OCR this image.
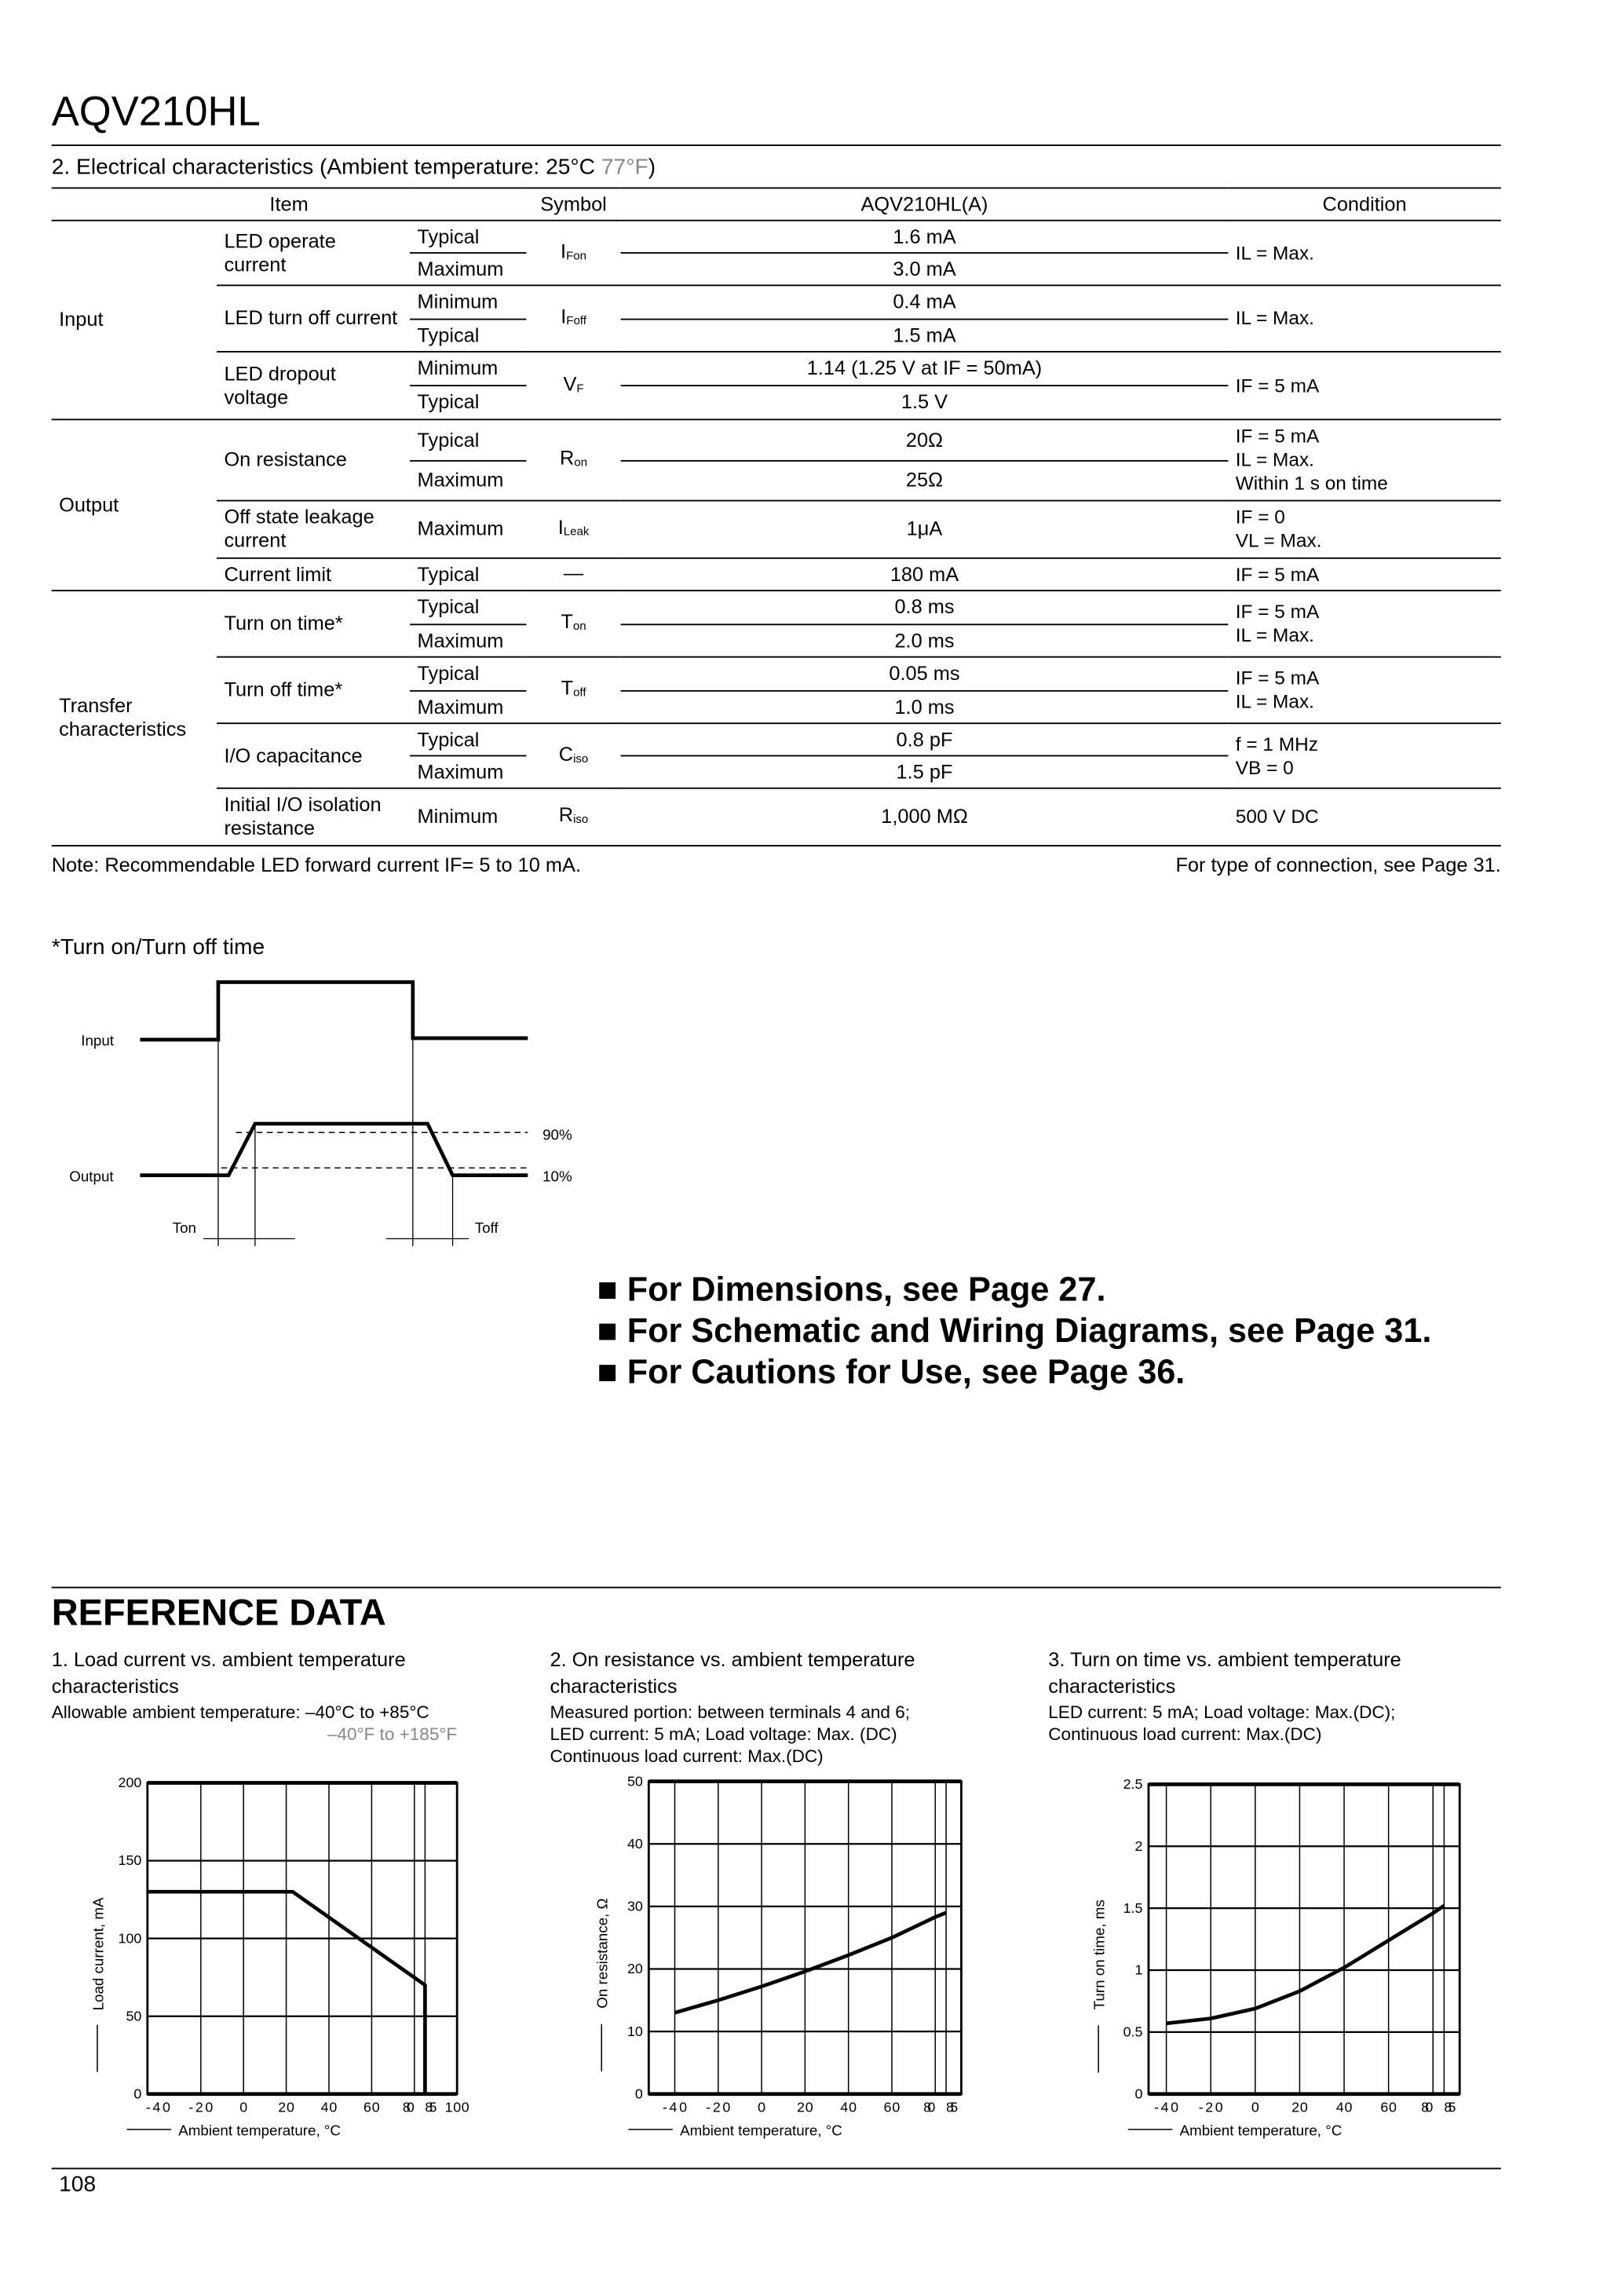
AQV210HL
2. Electrical characteristics (Ambient temperature: 25°C 77°F)
Item			Symbol	AQV210HL(A)	Condition
Input	LED operate current	Typical	$I_{Fon}$	1.6 mA	IL = Max.
		Maximum		3.0 mA	
	LED turn off current	Minimum	$I_{Foff}$	0.4 mA	IL = Max.
		Typical		1.5 mA	
	LED dropout voltage	Minimum	$V_F$	1.14 (1.25 V at IF = 50mA)	IF = 5 mA
		Typical		1.5 V	
Output	On resistance	Typical	$R_{on}$	20Ω	IF = 5 mA
IL = Max.
Within 1 s on time
		Maximum		25Ω	
	Off state leakage current	Maximum	$I_{Leak}$	1μA	IF = 0
VL = Max.
	Current limit	Typical	—	180 mA	IF = 5 mA
Transfer characteristics	Turn on time*	Typical	$T_{on}$	0.8 ms	IF = 5 mA
IL = Max.
		Maximum		2.0 ms	
	Turn off time*	Typical	$T_{off}$	0.05 ms	IF = 5 mA
IL = Max.
		Maximum		1.0 ms	
	I/O capacitance	Typical	$C_{iso}$	0.8 pF	f = 1 MHz
VB = 0
		Maximum		1.5 pF	
	Initial I/O isolation resistance	Minimum	$R_{iso}$	1,000 MΩ	500 V DC
Note: Recommendable LED forward current IF= 5 to 10 mA.	For type of connection, see Page 31.
*Turn on/Turn off time
Input
Output
90%
10%
Ton	Toff
■ For Dimensions, see Page 27.
■ For Schematic and Wiring Diagrams, see Page 31.
■ For Cautions for Use, see Page 36.
REFERENCE DATA
1. Load current vs. ambient temperature characteristics
Allowable ambient temperature: –40°C to +85°C
–40°F to +185°F
0
50
100
150
200
-40 -20	0	20	40	60	80 85 100
Ambient temperature, °C
Load current, mA
2. On resistance vs. ambient temperature characteristics
Measured portion: between terminals 4 and 6;
LED current: 5 mA; Load voltage: Max. (DC)
Continuous load current: Max.(DC)
0
10
20
30
40
50
-40	-20	0	20	40	60	80 85
Ambient temperature, °C
On resistance, Ω
3. Turn on time vs. ambient temperature characteristics
LED current: 5 mA; Load voltage: Max.(DC);
Continuous load current: Max.(DC)
0
0.5
1
1.5
2
2.5
-40	-20	0	20	40	60	80 85
Ambient temperature, °C
Turn on time, ms
108
